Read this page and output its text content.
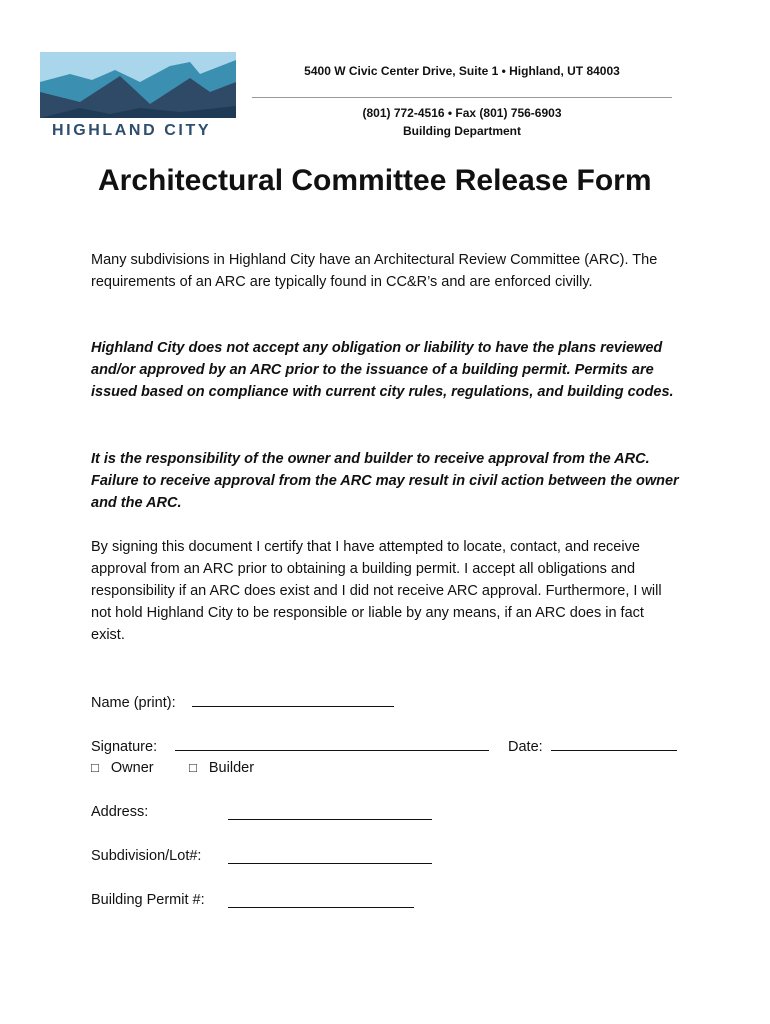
HIGHLAND CITY
5400 W Civic Center Drive, Suite 1 • Highland, UT 84003
(801) 772-4516 • Fax (801) 756-6903
Building Department
Architectural Committee Release Form
Many subdivisions in Highland City have an Architectural Review Committee (ARC). The requirements of an ARC are typically found in CC&R’s and are enforced civilly.
Highland City does not accept any obligation or liability to have the plans reviewed and/or approved by an ARC prior to the issuance of a building permit. Permits are issued based on compliance with current city rules, regulations, and building codes.
It is the responsibility of the owner and builder to receive approval from the ARC. Failure to receive approval from the ARC may result in civil action between the owner and the ARC.
By signing this document I certify that I have attempted to locate, contact, and receive approval from an ARC prior to obtaining a building permit. I accept all obligations and responsibility if an ARC does exist and I did not receive ARC approval. Furthermore, I will not hold Highland City to be responsible or liable by any means, if an ARC does in fact exist.
Name (print):
Signature:	Date:
□ Owner	□ Builder
Address:
Subdivision/Lot#:
Building Permit #:
